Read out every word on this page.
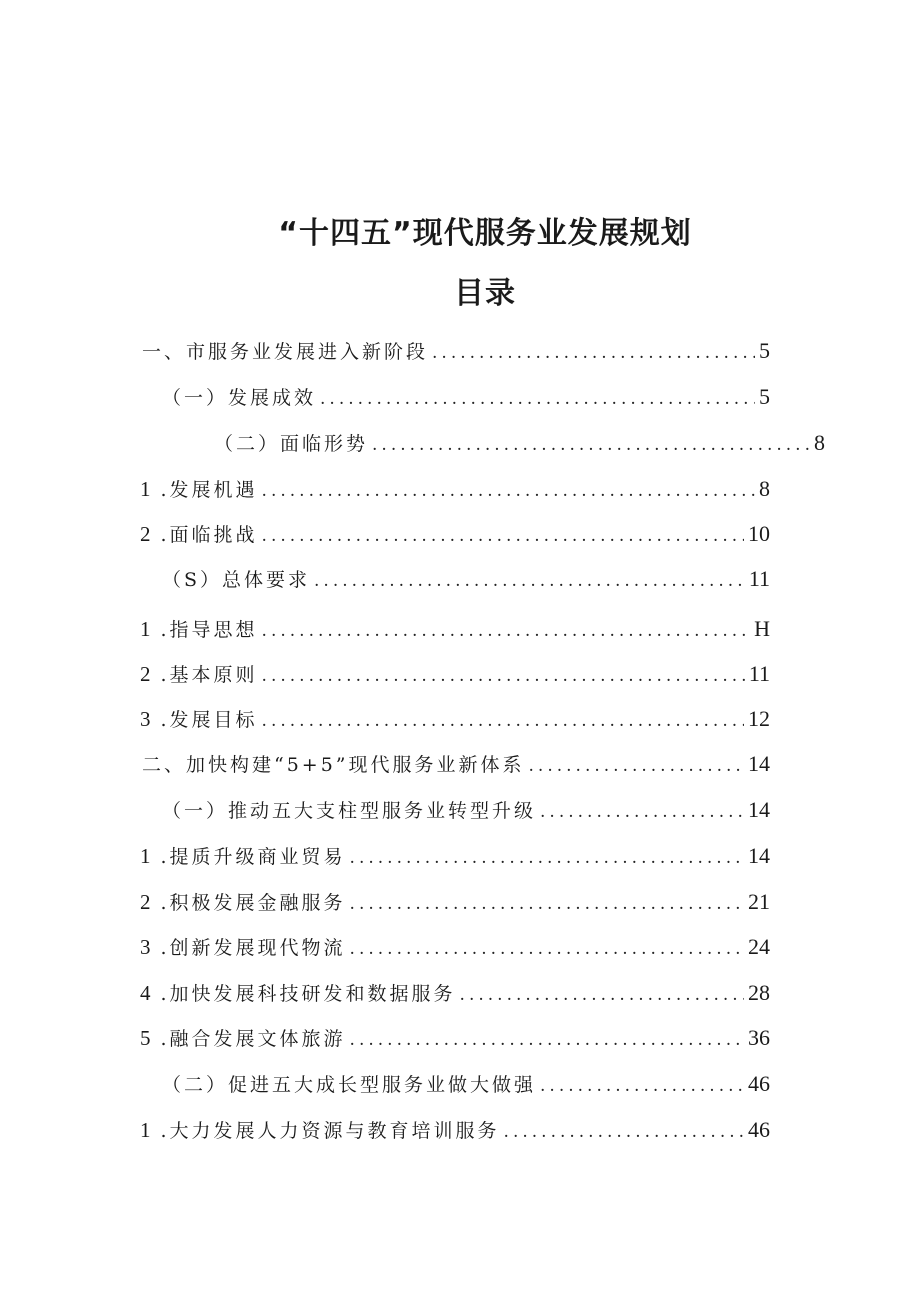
“十四五”现代服务业发展规划
目录
一、市服务业发展进入新阶段 .....	5
（一）发展成效 .....	5
（二）面临形势 .....	8
1 .发展机遇 .....	8
2 .面临挑战 .....	10
（S）总体要求 .....	11
1 .指导思想 .....	H
2 .基本原则 .....	11
3 .发展目标 .....	12
二、加快构建“5+5”现代服务业新体系 .....	14
（一）推动五大支柱型服务业转型升级 .....	14
1 .提质升级商业贸易 .....	14
2 .积极发展金融服务 .....	21
3 .创新发展现代物流 .....	24
4 .加快发展科技研发和数据服务 .....	28
5 .融合发展文体旅游 .....	36
（二）促进五大成长型服务业做大做强 .....	46
1 .大力发展人力资源与教育培训服务 .....	46
